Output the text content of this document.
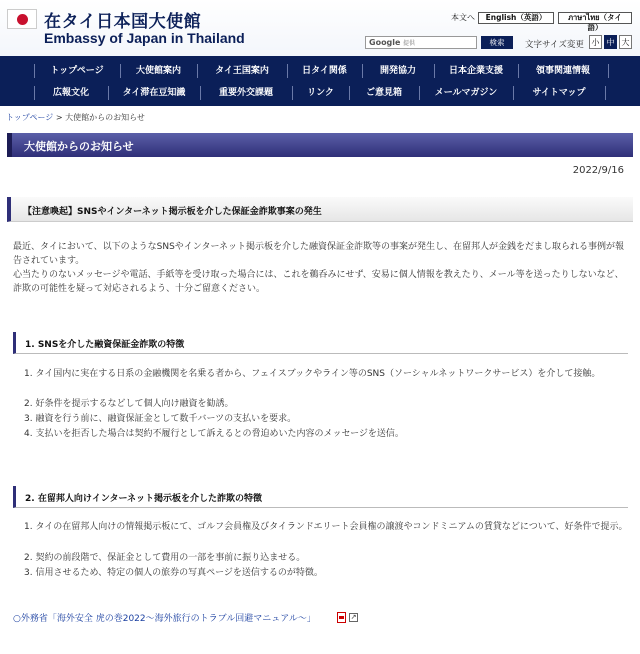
在タイ日本国大使館
Embassy of Japan in Thailand
本文へ	English（英語）	ภาษาไทย（タイ語）
Google 提供	検索	文字サイズ変更 小 中 大
トップページ	大使館案内	タイ王国案内	日タイ関係	開発協力	日本企業支援	領事関連情報
広報文化	タイ滞在豆知識	重要外交課題	リンク	ご意見箱	メールマガジン	サイトマップ
トップページ > 大使館からのお知らせ
大使館からのお知らせ
2022/9/16
【注意喚起】SNSやインターネット掲示板を介した保証金詐欺事案の発生
最近、タイにおいて、以下のようなSNSやインターネット掲示板を介した融資保証金詐欺等の事案が発生し、在留邦人が金銭をだまし取られる事例が報告されています。
心当たりのないメッセージや電話、手紙等を受け取った場合には、これを鵜呑みにせず、安易に個人情報を教えたり、メール等を送ったりしないなど、詐欺の可能性を疑って対応されるよう、十分ご留意ください。
1. SNSを介した融資保証金詐欺の特徴
1. タイ国内に実在する日系の金融機関を名乗る者から、フェイスブックやライン等のSNS（ソーシャルネットワークサービス）を介して接触。
2. 好条件を提示するなどして個人向け融資を勧誘。
3. 融資を行う前に、融資保証金として数千バーツの支払いを要求。
4. 支払いを拒否した場合は契約不履行として訴えるとの脅迫めいた内容のメッセージを送信。
2. 在留邦人向けインターネット掲示板を介した詐欺の特徴
1. タイの在留邦人向けの情報掲示板にて、ゴルフ会員権及びタイランドエリート会員権の譲渡やコンドミニアムの賃貸などについて、好条件で提示。
2. 契約の前段階で、保証金として費用の一部を事前に振り込ませる。
3. 信用させるため、特定の個人の旅券の写真ページを送信するのが特徴。
○外務省「海外安全 虎の巻2022～海外旅行のトラブル回避マニュアル～」	↗
